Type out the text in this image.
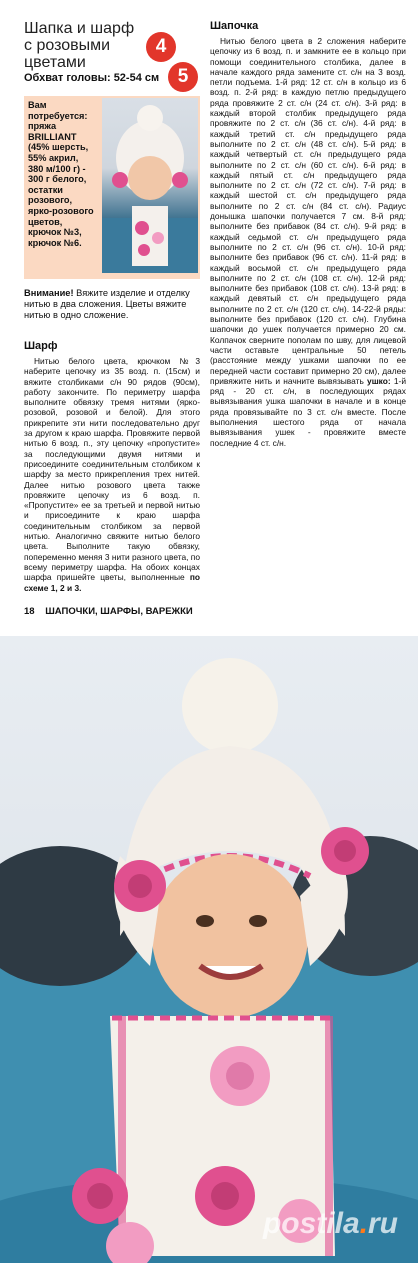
Шапка и шарф с розовыми цветами
4
5
Обхват головы: 52-54 см
Вам
потребуется:
пряжа
BRILLIANT
(45% шерсть,
55% акрил,
380 м/100 г) -
300 г белого,
остатки
розового,
ярко-розового
цветов,
крючок №3,
крючок №6.

Внимание! Вяжите изделие и отделку нитью в два сложения. Цветы вяжите нитью в одно сложение.

Шарф

Нитью белого цвета, крючком №3 наберите цепочку из 35 возд. п. (15см) и вяжите столбиками с/н 90 рядов (90см), работу закончите. По периметру шарфа выполните обвязку тремя нитями (ярко-розовой, розовой и белой). Для этого прикрепите эти нити последовательно друг за другом к краю шарфа. Провяжите первой нитью 6 возд. п., эту цепочку «пропустите» за последующими двумя нитями и присоедините соединительным столбиком к шарфу за место прикрепления трех нитей. Далее нитью розового цвета также провяжите цепочку из 6 возд. п. «Пропустите» ее за третьей и первой нитью и присоедините к краю шарфа соединительным столбиком за первой нитью. Аналогично свяжите нитью белого цвета. Выполните такую обвязку, попеременно меняя 3 нити разного цвета, по всему периметру шарфа. На обоих концах шарфа пришейте цветы, выполненные по схеме 1, 2 и 3.

Шапочка

Нитью белого цвета в 2 сложения наберите цепочку из 6 возд. п. и замкните ее в кольцо при помощи соединительного столбика, далее в начале каждого ряда замените ст. с/н на 3 возд. петли подъема. 1-й ряд: 12 ст. с/н в кольцо из 6 возд. п. 2-й ряд: в каждую петлю предыдущего ряда провяжите 2 ст. с/н (24 ст. с/н). 3-й ряд: в каждый второй столбик предыдущего ряда провяжите по 2 ст. с/н (36 ст. с/н). 4-й ряд: в каждый третий ст. с/н предыдущего ряда выполните по 2 ст. с/н (48 ст. с/н). 5-й ряд: в каждый четвертый ст. с/н предыдущего ряда выполните по 2 ст. с/н (60 ст. с/н). 6-й ряд: в каждый пятый ст. с/н предыдущего ряда выполните по 2 ст. с/н (72 ст. с/н). 7-й ряд: в каждый шестой ст. с/н предыдущего ряда выполните по 2 ст. с/н (84 ст. с/н). Радиус донышка шапочки получается 7 см. 8-й ряд: выполните без прибавок (84 ст. с/н). 9-й ряд: в каждый седьмой ст. с/н предыдущего ряда выполните по 2 ст. с/н (96 ст. с/н). 10-й ряд: выполните без прибавок (96 ст. с/н). 11-й ряд: в каждый восьмой ст. с/н предыдущего ряда выполните по 2 ст. с/н (108 ст. с/н). 12-й ряд: выполните без прибавок (108 ст. с/н). 13-й ряд: в каждый девятый ст. с/н предыдущего ряда выполните по 2 ст. с/н (120 ст. с/н). 14-22-й ряды: выполните без прибавок (120 ст. с/н). Глубина шапочки до ушек получается примерно 20 см. Колпачок сверните пополам по шву, для лицевой части оставьте центральные 50 петель (расстояние между ушками шапочки по ее передней части составит примерно 20 см), далее привяжите нить и начните вывязывать ушко: 1-й ряд - 20 ст. с/н, в последующих рядах вывязывания ушка шапочки в начале и в конце ряда провязывайте по 3 ст. с/н вместе. После выполнения шестого ряда от начала вывязывания ушек - провяжите вместе последние 4 ст. с/н.

18 ШАПОЧКИ, ШАРФЫ, ВАРЕЖКИ
postila.ru
